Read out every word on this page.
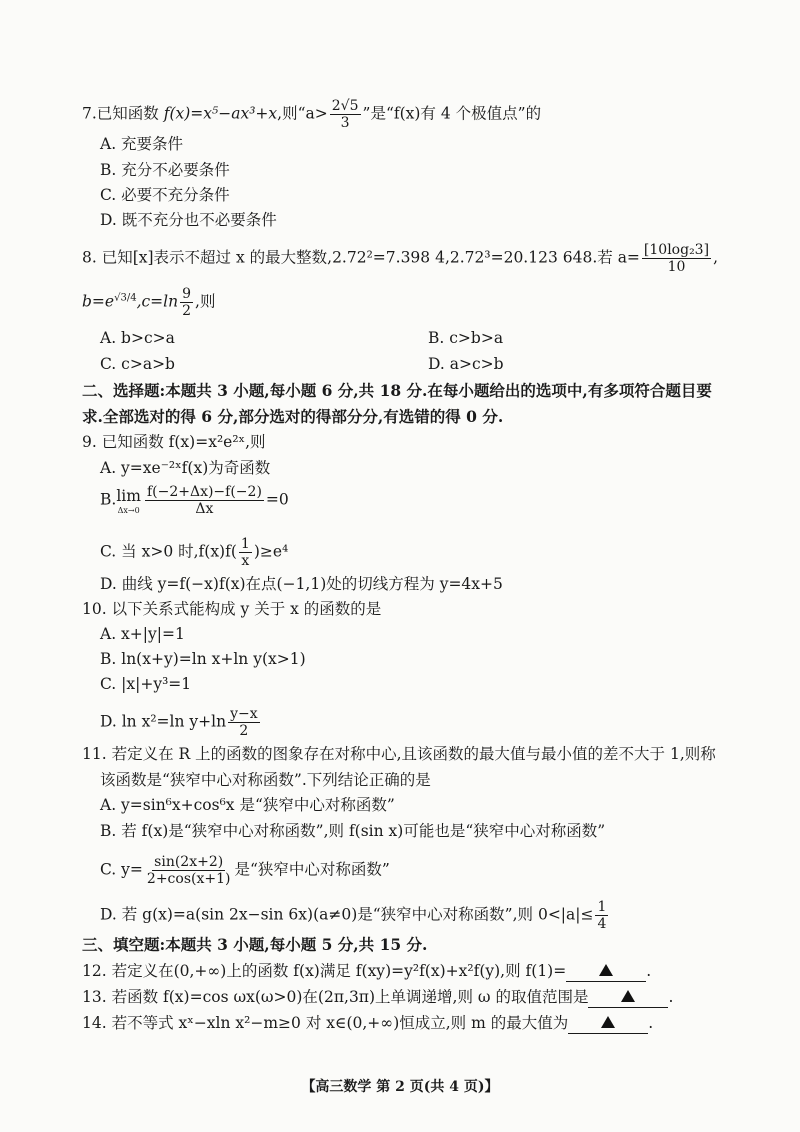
7.已知函数 f(x)=x⁵−ax³+x,则“$a> \frac{2√5}{3}$ ”是“f(x)有 4 个极值点”的
A. 充要条件
B. 充分不必要条件
C. 必要不充分条件
D. 既不充分也不必要条件
8. 已知[x]表示不超过 x 的最大整数,2.72²=7.398 4,2.72³=20.123 648.若 $a= \frac{\text{[10log₂3]}}{10}$ ,
$b=e^{√3/4},c=\ln \frac{9}{2}$ ,则
A. b>c>a	B. c>b>a
C. c>a>b	D. a>c>b
二、选择题:本题共 3 小题,每小题 6 分,共 18 分.在每小题给出的选项中,有多项符合题目要
求.全部选对的得 6 分,部分选对的得部分分,有选错的得 0 分.
9. 已知函数 f(x)=x²e²ˣ,则
A. y=xe⁻²ˣf(x)为奇函数
B. lim
$\Delta x\to 0 \frac{f(-2+\Delta x)-f(-2)}{\Delta x} =0$
C. 当 x>0 时$,f(x)f( \frac{1}{x} )\ge e^4$
D. 曲线 y=f(−x)f(x)在点(−1,1)处的切线方程为 y=4x+5
10. 以下关系式能构成 y 关于 x 的函数的是
A. x+|y|=1
B. ln(x+y)=ln x+ln y(x>1)
C. |x|+y³=1
D. ln x²=ln $y+\ln \frac{y-x}{2}$
11. 若定义在 R 上的函数的图象存在对称中心,且该函数的最大值与最小值的差不大于 1,则称
该函数是“狭窄中心对称函数”.下列结论正确的是
A. y=sin⁶x+cos⁶x 是“狭窄中心对称函数”
B. 若 f(x)是“狭窄中心对称函数”,则 f(sin x)可能也是“狭窄中心对称函数”
C. $y= \frac{\sin(2x+2)}{2+\cos(x+1)}$ 是“狭窄中心对称函数”
D. 若 g(x)=a(sin 2x−sin 6x)(a≠0)是“狭窄中心对称函数”,则 $0<|a|\le \frac{1}{4}$
三、填空题:本题共 3 小题,每小题 5 分,共 15 分.
12. 若定义在(0,+∞)上的函数 f(x)满足 f(xy)=y²f(x)+x²f(y),则 f(1)=	.
13. 若函数 f(x)=cos ωx(ω>0)在(2π,3π)上单调递增,则 ω 的取值范围是	.
14. 若不等式 xˣ−xln x²−m≥0 对 x∈(0,+∞)恒成立,则 m 的最大值为	.
【高三数学 第 2 页(共 4 页)】
